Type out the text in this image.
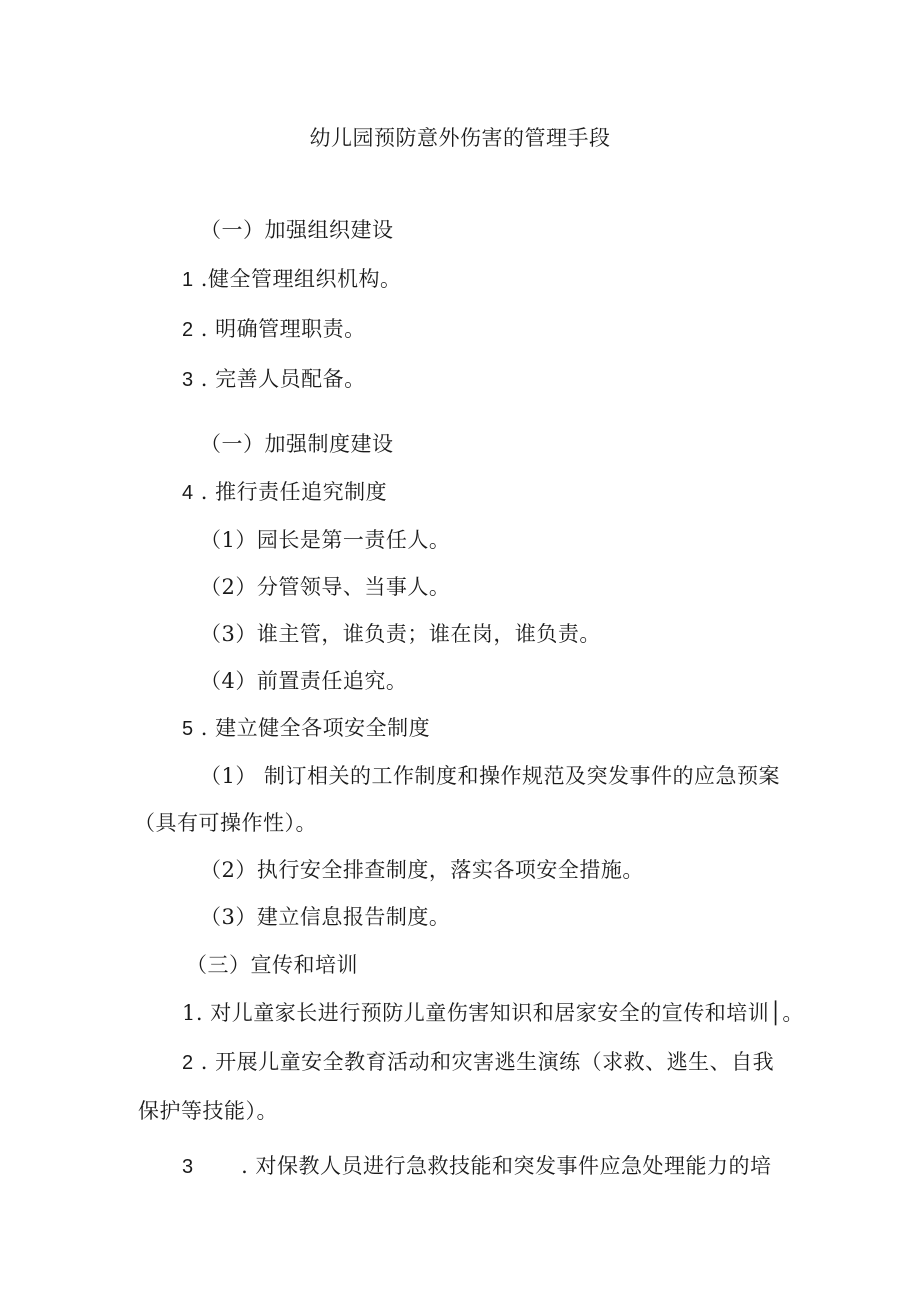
幼儿园预防意外伤害的管理手段
（一）加强组织建设
1 .健全管理组织机构。
2 . 明确管理职责。
3 . 完善人员配备。
（一）加强制度建设
4 . 推行责任追究制度
（1）园长是第一责任人。
（2）分管领导、当事人。
（3）谁主管，谁负责；谁在岗，谁负责。
（4）前置责任追究。
5 . 建立健全各项安全制度
（1） 制订相关的工作制度和操作规范及突发事件的应急预案
（具有可操作性）。
（2）执行安全排查制度，落实各项安全措施。
（3）建立信息报告制度。
（三）宣传和培训
1. 对儿童家长进行预防儿童伤害知识和居家安全的宣传和培训│。
2 . 开展儿童安全教育活动和灾害逃生演练（求救、逃生、自我
保护等技能）。
3 . 对保教人员进行急救技能和突发事件应急处理能力的培
